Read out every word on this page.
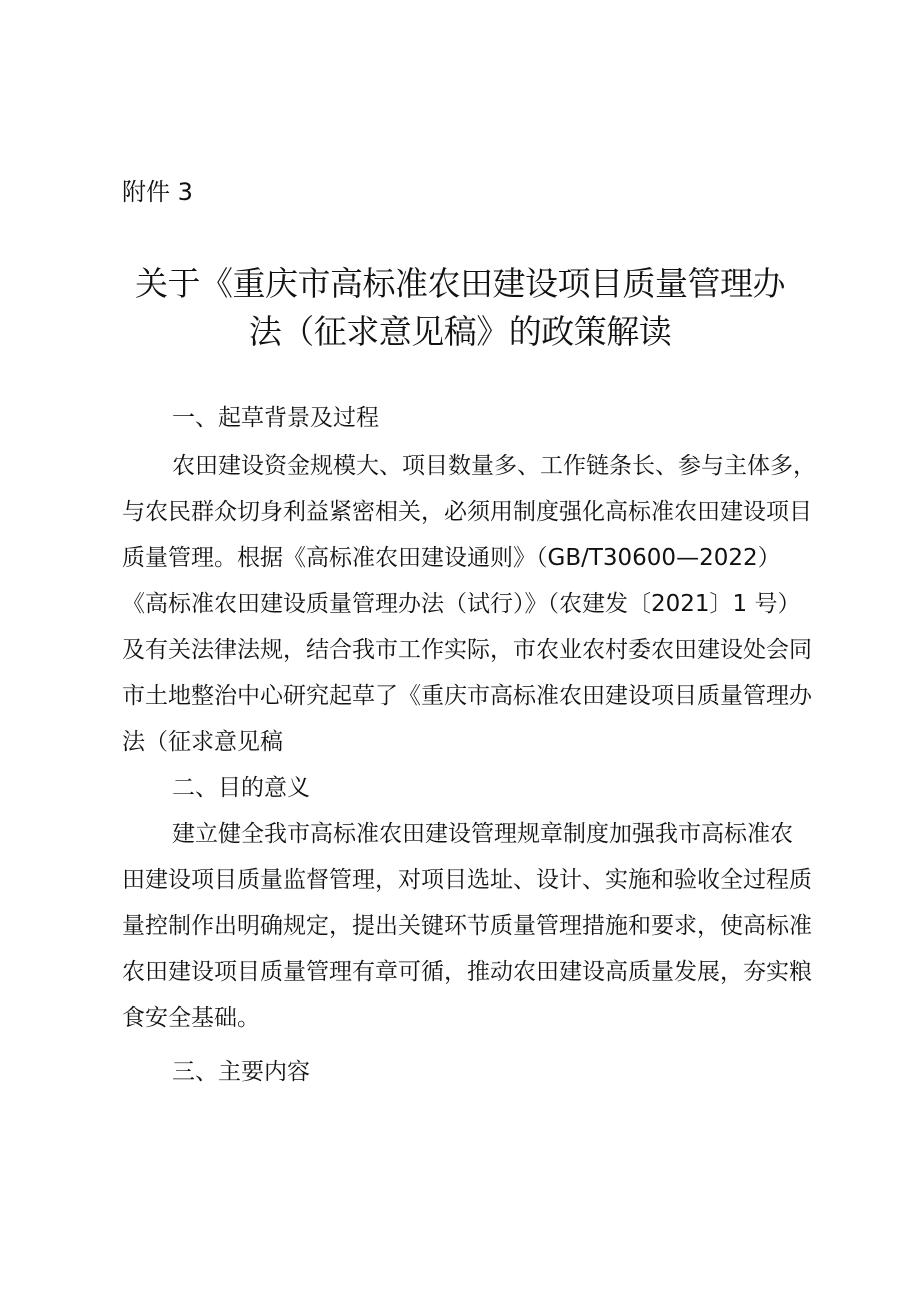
附件 3
关于《重庆市高标准农田建设项目质量管理办
法（征求意见稿》的政策解读
一、起草背景及过程
农田建设资金规模大、项目数量多、工作链条长、参与主体多，
与农民群众切身利益紧密相关，必须用制度强化高标准农田建设项目
质量管理。根据《高标准农田建设通则》（GB/T30600—2022）
《高标准农田建设质量管理办法（试行）》（农建发〔2021〕1 号）
及有关法律法规，结合我市工作实际，市农业农村委农田建设处会同
市土地整治中心研究起草了《重庆市高标准农田建设项目质量管理办
法（征求意见稿
二、目的意义
建立健全我市高标准农田建设管理规章制度加强我市高标准农
田建设项目质量监督管理，对项目选址、设计、实施和验收全过程质
量控制作出明确规定，提出关键环节质量管理措施和要求，使高标准
农田建设项目质量管理有章可循，推动农田建设高质量发展，夯实粮
食安全基础。
三、主要内容
